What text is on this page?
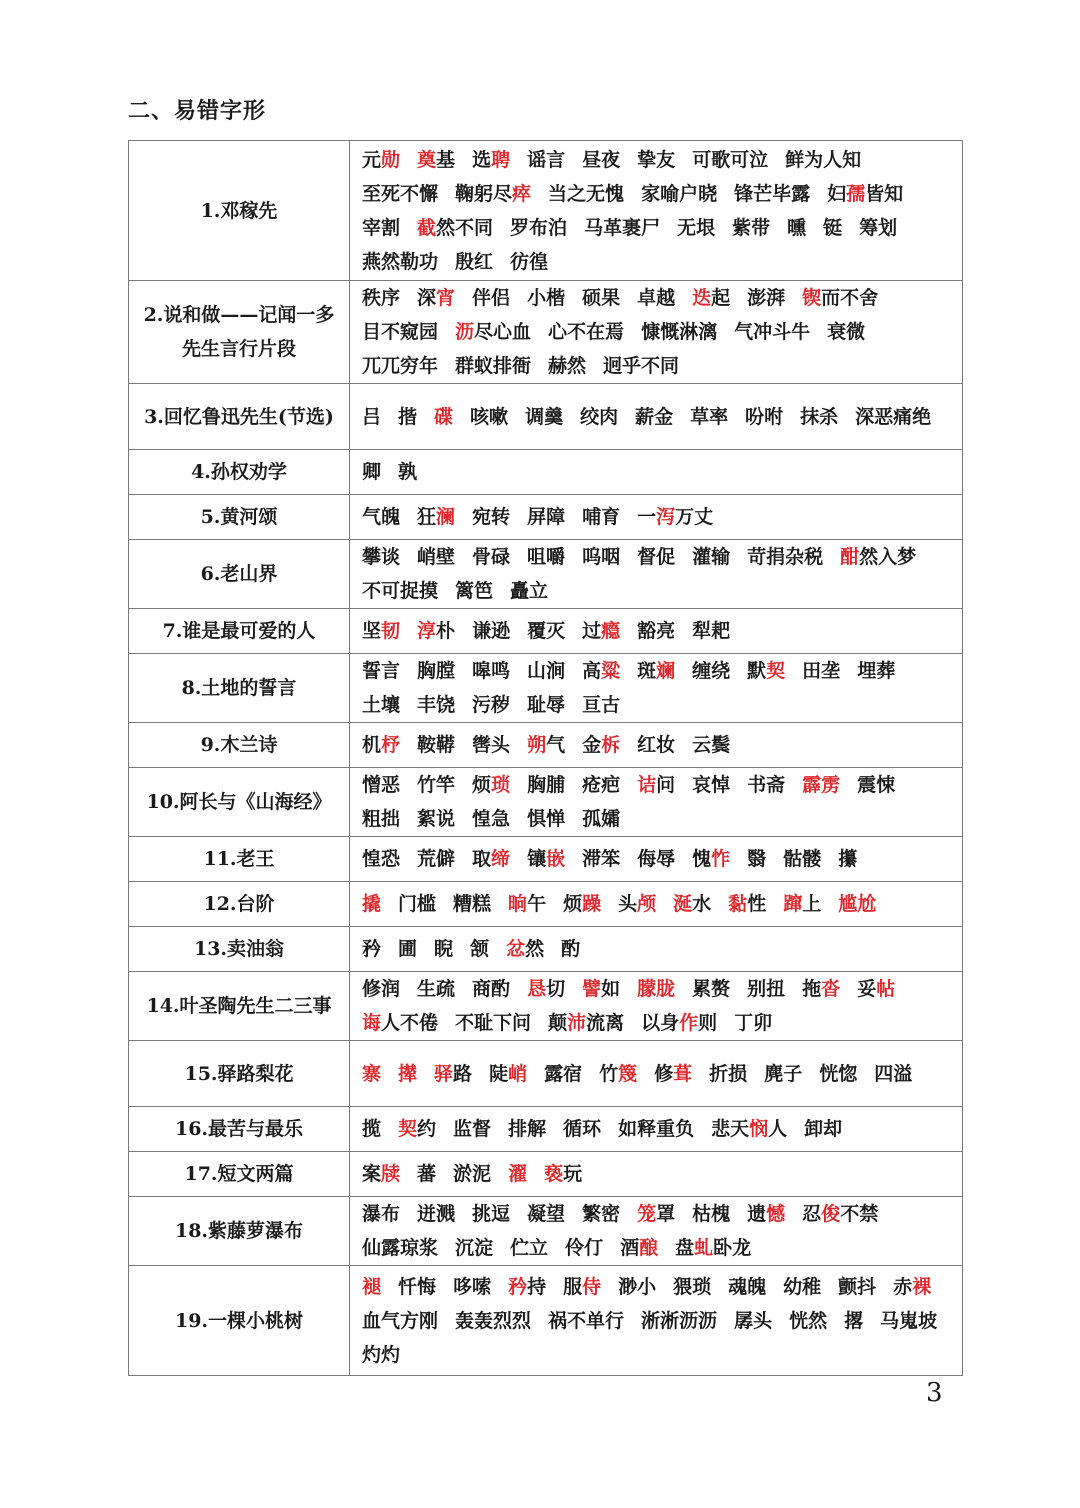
二、易错字形
1.邓稼先	元勋 奠基 选聘 谣言 昼夜 挚友 可歌可泣 鲜为人知至死不懈 鞠躬尽瘁 当之无愧 家喻户晓 锋芒毕露 妇孺皆知宰割 截然不同 罗布泊 马革裹尸 无垠 紫带 曛 铤 筹划燕然勒功 殷红 彷徨
2.说和做——记闻一多先生言行片段	秩序 深宵 伴侣 小楷 硕果 卓越 迭起 澎湃 锲而不舍目不窥园 沥尽心血 心不在焉 慷慨淋漓 气冲斗牛 衰微兀兀穷年 群蚁排衙 赫然 迥乎不同
3.回忆鲁迅先生(节选)	吕 揩 碟 咳嗽 调羹 绞肉 薪金 草率 吩咐 抹杀 深恶痛绝
4.孙权劝学	卿 孰
5.黄河颂	气魄 狂澜 宛转 屏障 哺育 一泻万丈
6.老山界	攀谈 峭壁 骨碌 咀嚼 呜咽 督促 灌输 苛捐杂税 酣然入梦不可捉摸 篱笆 矗立
7.谁是最可爱的人	坚韧 淳朴 谦逊 覆灭 过瘾 豁亮 犁耙
8.土地的誓言	誓言 胸膛 嗥鸣 山涧 高粱 斑斓 缠绕 默契 田垄 埋葬土壤 丰饶 污秽 耻辱 亘古
9.木兰诗	机杼 鞍鞯 辔头 朔气 金柝 红妆 云鬓
10.阿长与《山海经》	憎恶 竹竿 烦琐 胸脯 疮疤 诘问 哀悼 书斋 霹雳 震悚粗拙 絮说 惶急 惧惮 孤孀
11.老王	惶恐 荒僻 取缔 镶嵌 滞笨 侮辱 愧怍 翳 骷髅 攥
12.台阶	撬 门槛 糟糕 晌午 烦躁 头颅 涎水 黏性 蹿上 尴尬
13.卖油翁	矜 圃 睨 颔 忿然 酌
14.叶圣陶先生二三事	修润 生疏 商酌 恳切 譬如 朦胧 累赘 别扭 拖沓 妥帖诲人不倦 不耻下问 颠沛流离 以身作则 丁卯
15.驿路梨花	寨 撵 驿路 陡峭 露宿 竹篾 修葺 折损 麂子 恍惚 四溢
16.最苦与最乐	揽 契约 监督 排解 循环 如释重负 悲天悯人 卸却
17.短文两篇	案牍 蕃 淤泥 濯 亵玩
18.紫藤萝瀑布	瀑布 迸溅 挑逗 凝望 繁密 笼罩 枯槐 遗憾 忍俊不禁仙露琼浆 沉淀 伫立 伶仃 酒酿 盘虬卧龙
19.一棵小桃树	褪 忏悔 哆嗦 矜持 服侍 渺小 猥琐 魂魄 幼稚 颤抖 赤裸血气方刚 轰轰烈烈 祸不单行 淅淅沥沥 孱头 恍然 撂 马嵬坡灼灼
3
